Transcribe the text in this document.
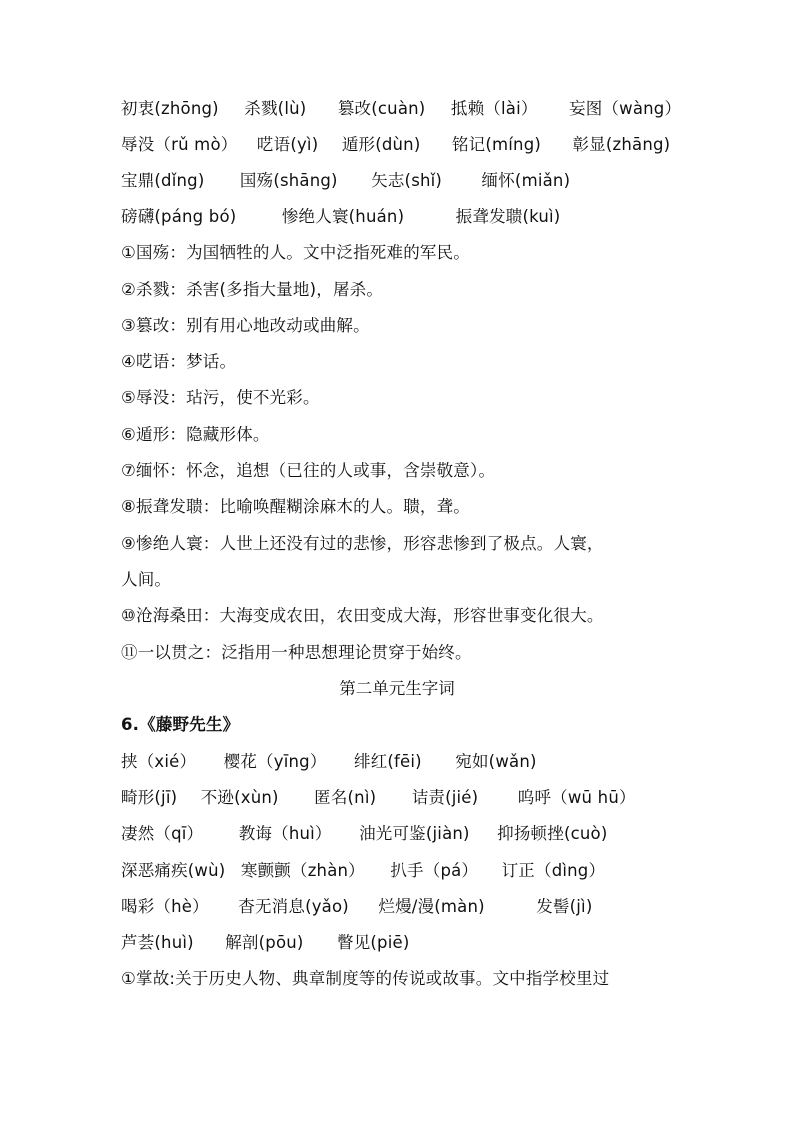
初衷(zhōng) 杀戮(lù) 篡改(cuàn) 抵赖（lài） 妄图（wàng）
辱没（rǔ mò） 呓语(yì) 遁形(dùn) 铭记(míng) 彰显(zhāng)
宝鼎(dǐng) 国殇(shāng) 矢志(shǐ) 缅怀(miǎn)
磅礴(páng bó)	惨绝人寰(huán)	振聋发聩(kuì)
①国殇：为国牺牲的人。文中泛指死难的军民。
②杀戮：杀害(多指大量地)，屠杀。
③篡改：别有用心地改动或曲解。
④呓语：梦话。
⑤辱没：玷污，使不光彩。
⑥遁形：隐藏形体。
⑦缅怀：怀念，追想（已往的人或事，含崇敬意）。
⑧振聋发聩：比喻唤醒糊涂麻木的人。聩，聋。
⑨惨绝人寰：人世上还没有过的悲惨，形容悲惨到了极点。人寰，
人间。
⑩沧海桑田：大海变成农田，农田变成大海，形容世事变化很大。
⑪一以贯之：泛指用一种思想理论贯穿于始终。
第二单元生字词
6.《藤野先生》
挟（xié） 樱花（yīng） 绯红(fēi) 宛如(wǎn)
畸形(jī) 不逊(xùn) 匿名(nì) 诘责(jié) 呜呼（wū hū）
凄然（qī） 教诲（huì） 油光可鉴(jiàn) 抑扬顿挫(cuò)
深恶痛疾(wù) 寒颤颤（zhàn） 扒手（pá） 订正（dìng）
喝彩（hè） 杳无消息(yǎo) 烂熳/漫(màn)	发髻(jì)
芦荟(huì) 解剖(pōu) 瞥见(piē)
①掌故:关于历史人物、典章制度等的传说或故事。文中指学校里过
